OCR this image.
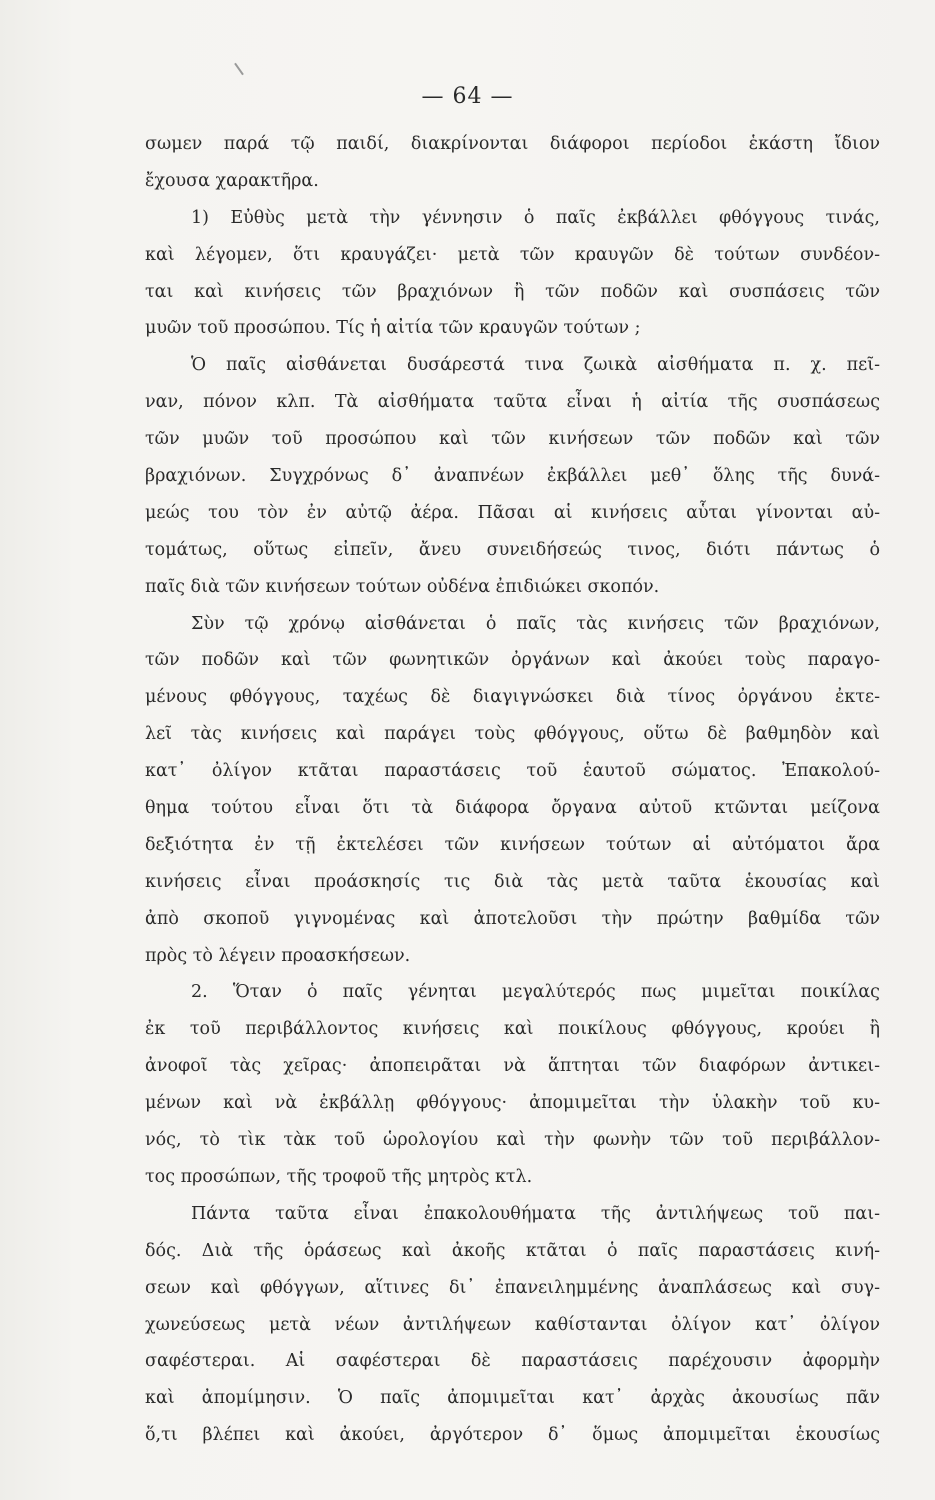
— 64 —
σωμεν παρά τῷ παιδί, διακρίνονται διάφοροι περίοδοι ἑκάστη ἴδιον
ἔχουσα χαρακτῆρα.
1) Εὐθὺς μετὰ τὴν γέννησιν ὁ παῖς ἐκβάλλει φθόγγους τινάς,
καὶ λέγομεν, ὅτι κραυγάζει· μετὰ τῶν κραυγῶν δὲ τούτων συνδέον-
ται καὶ κινήσεις τῶν βραχιόνων ἢ τῶν ποδῶν καὶ συσπάσεις τῶν
μυῶν τοῦ προσώπου. Τίς ἡ αἰτία τῶν κραυγῶν τούτων ;
Ὁ παῖς αἰσθάνεται δυσάρεστά τινα ζωικὰ αἰσθήματα π. χ. πεῖ-
ναν, πόνον κλπ. Τὰ αἰσθήματα ταῦτα εἶναι ἡ αἰτία τῆς συσπάσεως
τῶν μυῶν τοῦ προσώπου καὶ τῶν κινήσεων τῶν ποδῶν καὶ τῶν
βραχιόνων. Συγχρόνως δ᾽ ἀναπνέων ἐκβάλλει μεθ᾽ ὅλης τῆς δυνά-
μεώς του τὸν ἐν αὐτῷ ἀέρα. Πᾶσαι αἱ κινήσεις αὗται γίνονται αὐ-
τομάτως, οὕτως εἰπεῖν, ἄνευ συνειδήσεώς τινος, διότι πάντως ὁ
παῖς διὰ τῶν κινήσεων τούτων οὐδένα ἐπιδιώκει σκοπόν.
Σὺν τῷ χρόνῳ αἰσθάνεται ὁ παῖς τὰς κινήσεις τῶν βραχιόνων,
τῶν ποδῶν καὶ τῶν φωνητικῶν ὀργάνων καὶ ἀκούει τοὺς παραγο-
μένους φθόγγους, ταχέως δὲ διαγιγνώσκει διὰ τίνος ὀργάνου ἐκτε-
λεῖ τὰς κινήσεις καὶ παράγει τοὺς φθόγγους, οὕτω δὲ βαθμηδὸν καὶ
κατ᾽ ὀλίγον κτᾶται παραστάσεις τοῦ ἑαυτοῦ σώματος. Ἐπακολού-
θημα τούτου εἶναι ὅτι τὰ διάφορα ὄργανα αὐτοῦ κτῶνται μείζονα
δεξιότητα ἐν τῇ ἐκτελέσει τῶν κινήσεων τούτων αἱ αὐτόματοι ἄρα
κινήσεις εἶναι προάσκησίς τις διὰ τὰς μετὰ ταῦτα ἑκουσίας καὶ
ἀπὸ σκοποῦ γιγνομένας καὶ ἀποτελοῦσι τὴν πρώτην βαθμίδα τῶν
πρὸς τὸ λέγειν προασκήσεων.
2. Ὅταν ὁ παῖς γένηται μεγαλύτερός πως μιμεῖται ποικίλας
ἐκ τοῦ περιβάλλοντος κινήσεις καὶ ποικίλους φθόγγους, κρούει ἢ
ἀνοφοῖ τὰς χεῖρας· ἀποπειρᾶται νὰ ἅπτηται τῶν διαφόρων ἀντικει-
μένων καὶ νὰ ἐκβάλλῃ φθόγγους· ἀπομιμεῖται τὴν ὑλακὴν τοῦ κυ-
νός, τὸ τὶκ τὰκ τοῦ ὡρολογίου καὶ τὴν φωνὴν τῶν τοῦ περιβάλλον-
τος προσώπων, τῆς τροφοῦ τῆς μητρὸς κτλ.
Πάντα ταῦτα εἶναι ἐπακολουθήματα τῆς ἀντιλήψεως τοῦ παι-
δός. Διὰ τῆς ὁράσεως καὶ ἀκοῆς κτᾶται ὁ παῖς παραστάσεις κινή-
σεων καὶ φθόγγων, αἵτινες δι᾽ ἐπανειλημμένης ἀναπλάσεως καὶ συγ-
χωνεύσεως μετὰ νέων ἀντιλήψεων καθίστανται ὀλίγον κατ᾽ ὀλίγον
σαφέστεραι. Αἱ σαφέστεραι δὲ παραστάσεις παρέχουσιν ἀφορμὴν
καὶ ἀπομίμησιν. Ὁ παῖς ἀπομιμεῖται κατ᾽ ἀρχὰς ἀκουσίως πᾶν
ὅ,τι βλέπει καὶ ἀκούει, ἀργότερον δ᾽ ὅμως ἀπομιμεῖται ἑκουσίως
